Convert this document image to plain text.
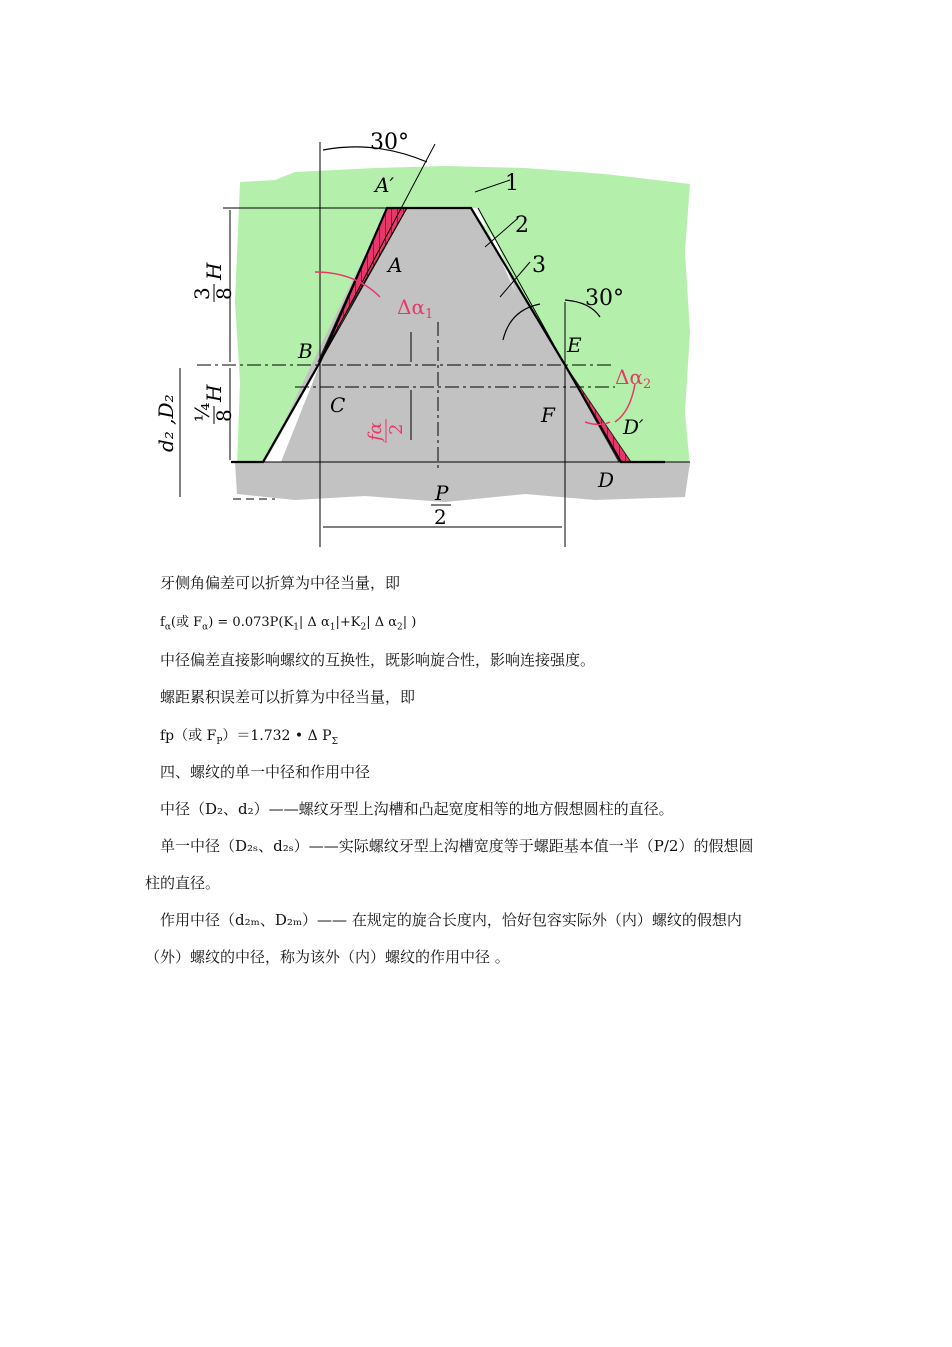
30°
A′
A
B
C
E
F	D′
D
1
2
3
30°
$\Delta\alpha_1$
$\Delta\alpha_2$
3
8
H
¼
8
H
d₂ ,D₂	fα 2
P
2
牙侧角偏差可以折算为中径当量，即
$f_\alpha$(或 $F_\alpha) = 0.073P(K_1|$ Δ $\alpha_1|+K_2|$ Δ $\alpha_2|$ )
中径偏差直接影响螺纹的互换性，既影响旋合性，影响连接强度。
螺距累积误差可以折算为中径当量，即
fp（或 $F_P)=1.732$ • Δ $P_\Sigma$
四、螺纹的单一中径和作用中径
中径（D₂、d₂）——螺纹牙型上沟槽和凸起宽度相等的地方假想圆柱的直径。
单一中径（D₂ₛ、d₂ₛ）——实际螺纹牙型上沟槽宽度等于螺距基本值一半（P/2）的假想圆
柱的直径。
作用中径（d₂ₘ、D₂ₘ）—— 在规定的旋合长度内，恰好包容实际外（内）螺纹的假想内
（外）螺纹的中径，称为该外（内）螺纹的作用中径 。
